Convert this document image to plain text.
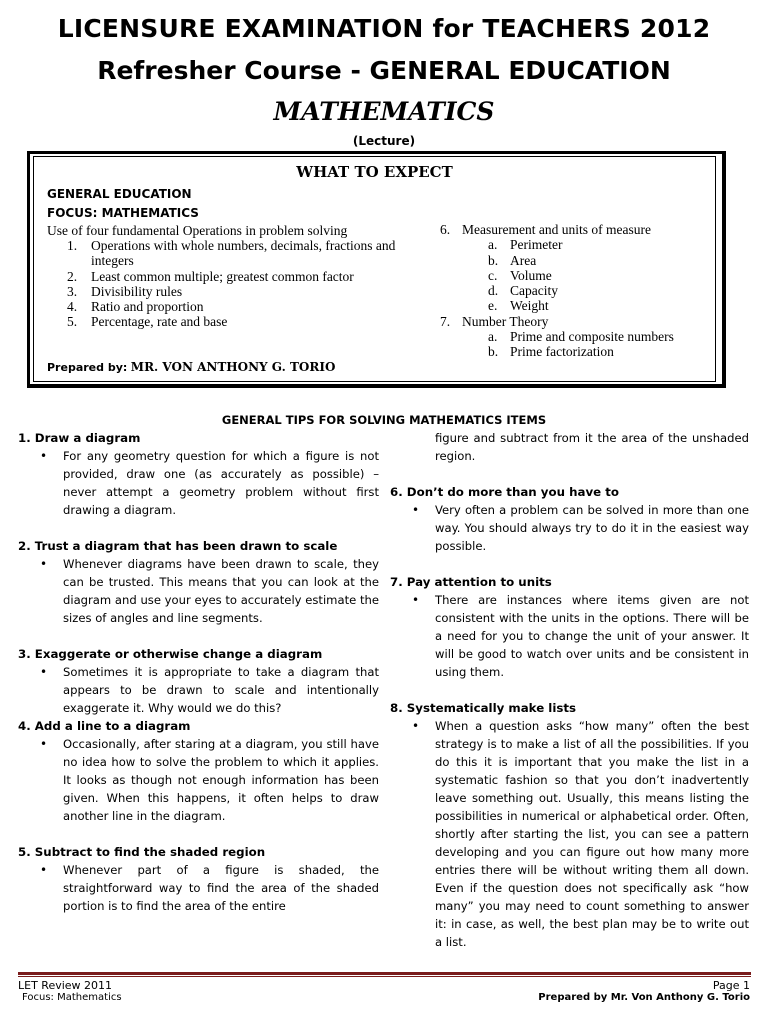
LICENSURE EXAMINATION for TEACHERS 2012
Refresher Course - GENERAL EDUCATION
MATHEMATICS
(Lecture)
WHAT TO EXPECT
GENERAL EDUCATION
FOCUS: MATHEMATICS
Use of four fundamental Operations in problem solving
1. Operations with whole numbers, decimals, fractions and integers
2. Least common multiple; greatest common factor
3. Divisibility rules
4. Ratio and proportion
5. Percentage, rate and base
6. Measurement and units of measure
a. Perimeter
b. Area
c. Volume
d. Capacity
e. Weight
7. Number Theory
a. Prime and composite numbers
b. Prime factorization
Prepared by: MR. VON ANTHONY G. TORIO
GENERAL TIPS FOR SOLVING MATHEMATICS ITEMS
1. Draw a diagram
• For any geometry question for which a figure is not provided, draw one (as accurately as possible) – never attempt a geometry problem without first drawing a diagram.
2. Trust a diagram that has been drawn to scale
• Whenever diagrams have been drawn to scale, they can be trusted. This means that you can look at the diagram and use your eyes to accurately estimate the sizes of angles and line segments.
3. Exaggerate or otherwise change a diagram
• Sometimes it is appropriate to take a diagram that appears to be drawn to scale and intentionally exaggerate it. Why would we do this?
4. Add a line to a diagram
• Occasionally, after staring at a diagram, you still have no idea how to solve the problem to which it applies. It looks as though not enough information has been given. When this happens, it often helps to draw another line in the diagram.
5. Subtract to find the shaded region
• Whenever part of a figure is shaded, the straightforward way to find the area of the shaded portion is to find the area of the entire
figure and subtract from it the area of the unshaded region.
6. Don’t do more than you have to
• Very often a problem can be solved in more than one way. You should always try to do it in the easiest way possible.
7. Pay attention to units
• There are instances where items given are not consistent with the units in the options. There will be a need for you to change the unit of your answer. It will be good to watch over units and be consistent in using them.
8. Systematically make lists
• When a question asks “how many” often the best strategy is to make a list of all the possibilities. If you do this it is important that you make the list in a systematic fashion so that you don’t inadvertently leave something out. Usually, this means listing the possibilities in numerical or alphabetical order. Often, shortly after starting the list, you can see a pattern developing and you can figure out how many more entries there will be without writing them all down. Even if the question does not specifically ask “how many” you may need to count something to answer it: in case, as well, the best plan may be to write out a list.
LET Review 2011
Focus: Mathematics
Page 1
Prepared by Mr. Von Anthony G. Torio
